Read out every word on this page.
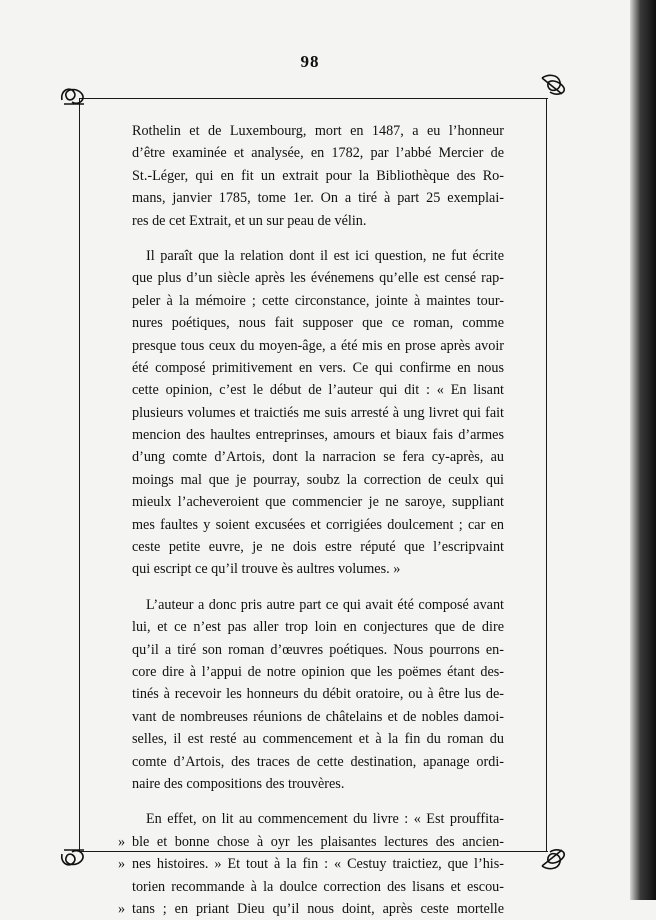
98
Rothelin et de Luxembourg, mort en 1487, a eu l’honneur
d’être examinée et analysée, en 1782, par l’abbé Mercier de
St.-Léger, qui en fit un extrait pour la Bibliothèque des Ro-
mans, janvier 1785, tome 1er. On a tiré à part 25 exemplai-
res de cet Extrait, et un sur peau de vélin.
Il paraît que la relation dont il est ici question, ne fut écrite
que plus d’un siècle après les événemens qu’elle est censé rap-
peler à la mémoire ; cette circonstance, jointe à maintes tour-
nures poétiques, nous fait supposer que ce roman, comme
presque tous ceux du moyen-âge, a été mis en prose après avoir
été composé primitivement en vers. Ce qui confirme en nous
cette opinion, c’est le début de l’auteur qui dit : « En lisant
plusieurs volumes et traictiés me suis arresté à ung livret qui fait
mencion des haultes entreprinses, amours et biaux fais d’armes
d’ung comte d’Artois, dont la narracion se fera cy-après, au
moings mal que je pourray, soubz la correction de ceulx qui
mieulx l’acheveroient que commencier je ne saroye, suppliant
mes faultes y soient excusées et corrigiées doulcement ; car en
ceste petite euvre, je ne dois estre réputé que l’escripvaint
qui escript ce qu’il trouve ès aultres volumes. »
L’auteur a donc pris autre part ce qui avait été composé avant
lui, et ce n’est pas aller trop loin en conjectures que de dire
qu’il a tiré son roman d’œuvres poétiques. Nous pourrons en-
core dire à l’appui de notre opinion que les poëmes étant des-
tinés à recevoir les honneurs du débit oratoire, ou à être lus de-
vant de nombreuses réunions de châtelains et de nobles damoi-
selles, il est resté au commencement et à la fin du roman du
comte d’Artois, des traces de cette destination, apanage ordi-
naire des compositions des trouvères.
En effet, on lit au commencement du livre : « Est prouffita-
» ble et bonne chose à oyr les plaisantes lectures des ancien-
» nes histoires. » Et tout à la fin : « Cestuy traictiez, que l’his-
torien recommande à la doulce correction des lisans et escou-
» tans ; en priant Dieu qu’il nous doint, après ceste mortelle
